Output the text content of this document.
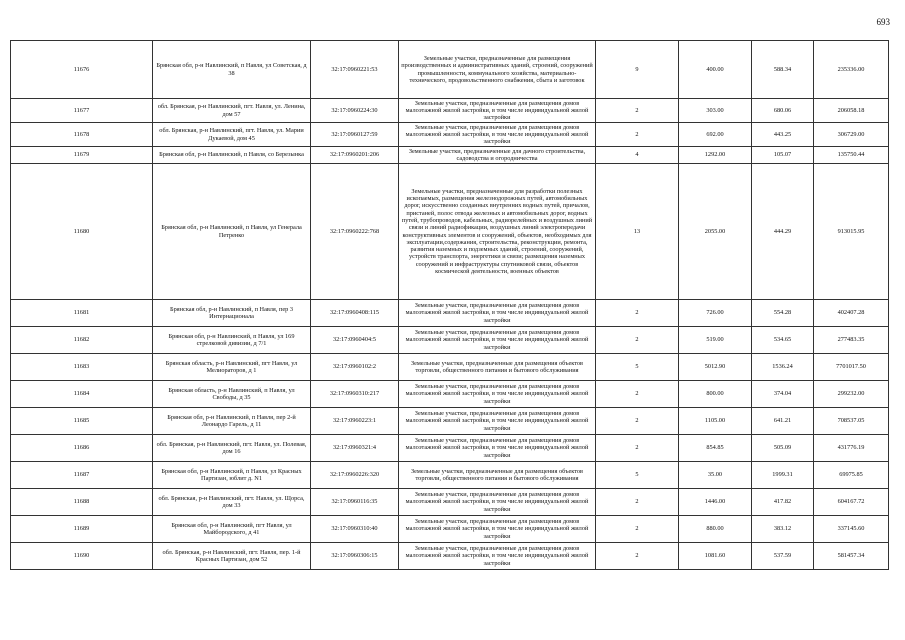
693
11676	Брянская обл, р-н Навлинский, п Навля, ул Советская, д 38	32:17:0960221:53	Земельные участки, предназначенные для размещения производственных и административных зданий, строений, сооружений промышленности, коммунального хозяйства, материально-технического, продовольственного снабжения, сбыта и заготовок	9	400.00	588.34	235336.00
11677	обл. Брянская, р-н Навлинский, пгт. Навля, ул. Ленина, дом 57	32:17:0960224:30	Земельные участки, предназначенные для размещения домов малоэтажной жилой застройки, в том числе индивидуальной жилой застройки	2	303.00	680.06	206058.18
11678	обл. Брянская, р-н Навлинский, пгт. Навля, ул. Марии Дукаевой, дом 45	32:17:0960127:59	Земельные участки, предназначенные для размещения домов малоэтажной жилой застройки, в том числе индивидуальной жилой застройки	2	692.00	443.25	306729.00
11679	Брянская обл, р-н Навлинский, п Навля, со Березынка	32:17:0960201:206	Земельные участки, предназначенные для дачного строительства, садоводства и огородничества	4	1292.00	105.07	135750.44
11680	Брянская обл, р-н Навлинский, п Навля, ул Генерала Петренко	32:17:0960222:768	Земельные участки, предназначенные для разработки полезных ископаемых, размещения железнодорожных путей, автомобильных дорог, искусственно созданных внутренних водных путей, причалов, пристаней, полос отвода железных и автомобильных дорог, водных путей, трубопроводов, кабельных, радиорелейных и воздушных линий связи и линий радиофикации, воздушных линий электропередачи конструктивных элементов и сооружений, объектов, необходимых для эксплуатации,содержания, строительства, реконструкции, ремонта, развития наземных и подземных зданий, строений, сооружений, устройств транспорта, энергетики и связи; размещения наземных сооружений и инфраструктуры спутниковой связи, объектов космической деятельности, военных объектов	13	2055.00	444.29	913015.95
11681	Брянская обл, р-н Навлинский, п Навля, пер 3 Интернационала	32:17:0960408:115	Земельные участки, предназначенные для размещения домов малоэтажной жилой застройки, в том числе индивидуальной жилой застройки	2	726.00	554.28	402407.28
11682	Брянская обл, р-н Навлинский, п Навля, ул 169 стрелковой дивизии, д 7/1	32:17:0960404:5	Земельные участки, предназначенные для размещения домов малоэтажной жилой застройки, в том числе индивидуальной жилой застройки	2	519.00	534.65	277483.35
11683	Брянская область, р-н Навлинский, пгт Навля, ул Мелиораторов, д 1	32:17:0960102:2	Земельные участки, предназначенные для размещения объектов торговли, общественного питания и бытового обслуживания	5	5012.90	1536.24	7701017.50
11684	Брянская область, р-н Навлинский, п Навля, ул Свободы, д 35	32:17:0960310:217	Земельные участки, предназначенные для размещения домов малоэтажной жилой застройки, в том числе индивидуальной жилой застройки	2	800.00	374.04	299232.00
11685	Брянская обл, р-н Навлинский, п Навля, пер 2-й Леонардо Гарель, д 11	32:17:0960223:1	Земельные участки, предназначенные для размещения домов малоэтажной жилой застройки, в том числе индивидуальной жилой застройки	2	1105.00	641.21	708537.05
11686	обл. Брянская, р-н Навлинский, пгт. Навля, ул. Полевая, дом 16	32:17:0960321:4	Земельные участки, предназначенные для размещения домов малоэтажной жилой застройки, в том числе индивидуальной жилой застройки	2	854.85	505.09	431776.19
11687	Брянская обл, р-н Навлинский, п Навля, ул Красных Партизан, юблит д. N1	32:17:0960226:320	Земельные участки, предназначенные для размещения объектов торговли, общественного питания и бытового обслуживания	5	35.00	1999.31	69975.85
11688	обл. Брянская, р-н Навлинский, пгт. Навля, ул. Щорса, дом 33	32:17:0960116:35	Земельные участки, предназначенные для размещения домов малоэтажной жилой застройки, в том числе индивидуальной жилой застройки	2	1446.00	417.82	604167.72
11689	Брянская обл, р-н Навлинский, пгт Навля, ул Майбородского, д 41	32:17:0960310:40	Земельные участки, предназначенные для размещения домов малоэтажной жилой застройки, в том числе индивидуальной жилой застройки	2	880.00	383.12	337145.60
11690	обл. Брянская, р-н Навлинский, пгт. Навля, пер. 1-й Красных Партизан, дом 52	32:17:0960306:15	Земельные участки, предназначенные для размещения домов малоэтажной жилой застройки, в том числе индивидуальной жилой застройки	2	1081.60	537.59	581457.34
